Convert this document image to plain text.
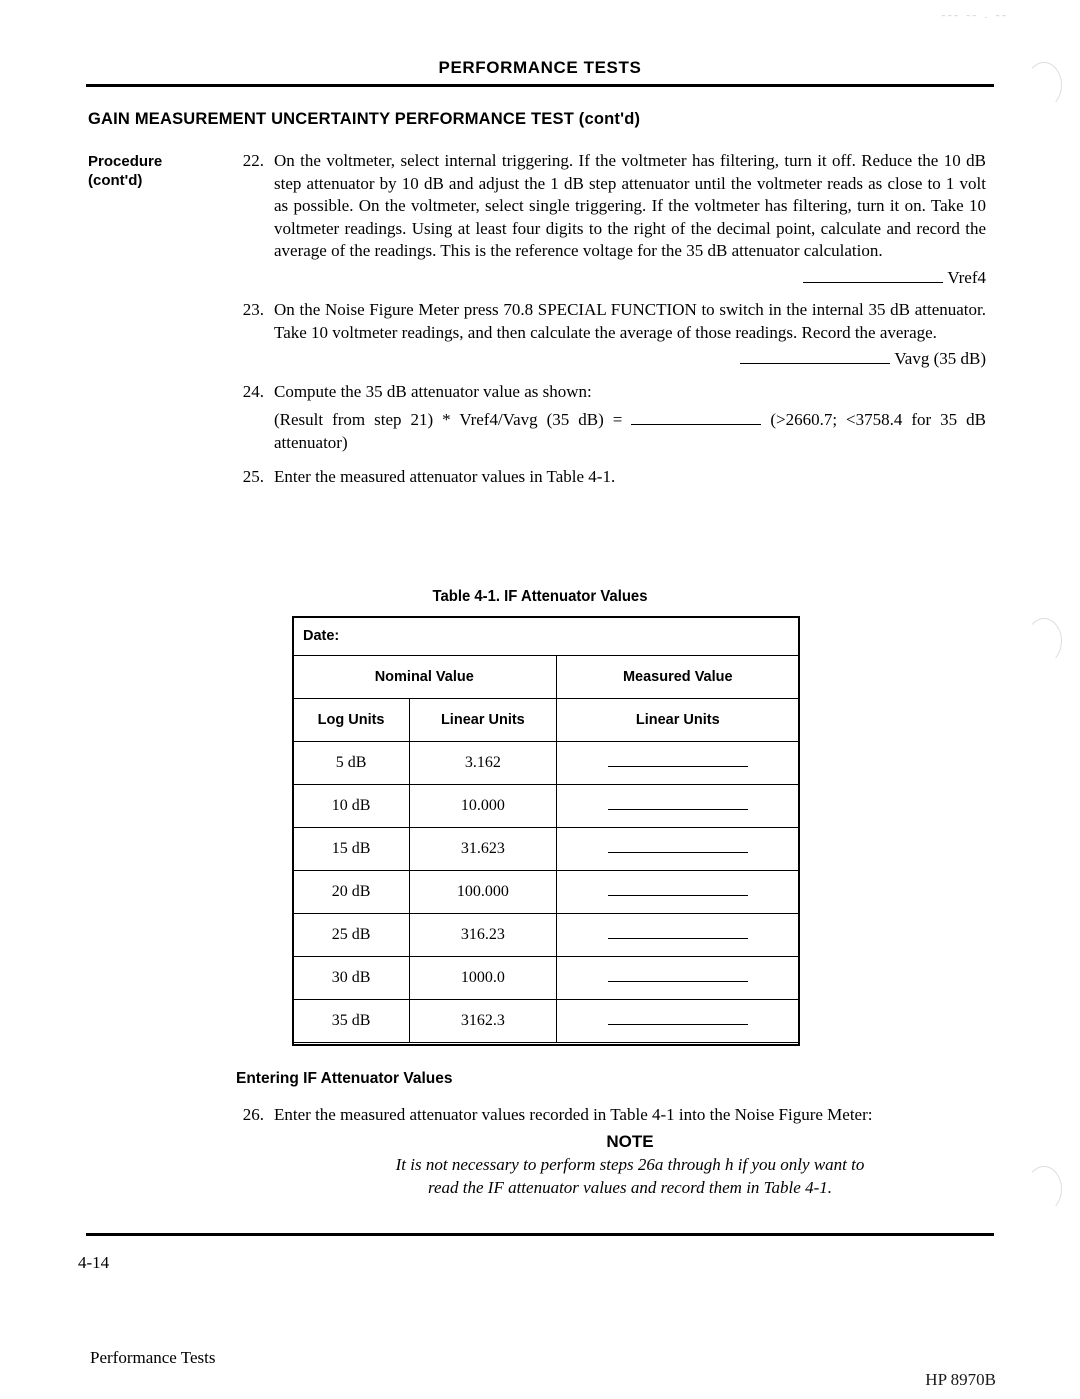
--- -- . --
PERFORMANCE TESTS
GAIN MEASUREMENT UNCERTAINTY PERFORMANCE TEST (cont'd)
Procedure
(cont'd)
22. On the voltmeter, select internal triggering. If the voltmeter has filtering, turn it off. Reduce the 10 dB step attenuator by 10 dB and adjust the 1 dB step attenuator until the voltmeter reads as close to 1 volt as possible. On the voltmeter, select single triggering. If the voltmeter has filtering, turn it on. Take 10 voltmeter readings. Using at least four digits to the right of the decimal point, calculate and record the average of the readings. This is the reference voltage for the 35 dB attenuator calculation.

Vref4
23. On the Noise Figure Meter press 70.8 SPECIAL FUNCTION to switch in the internal 35 dB attenuator. Take 10 voltmeter readings, and then calculate the average of those readings. Record the average.

Vavg (35 dB)
24. Compute the 35 dB attenuator value as shown:

(Result from step 21) * Vref4/Vavg (35 dB) =	(>2660.7; <3758.4 for 35 dB attenuator)

25. Enter the measured attenuator values in Table 4-1.

Table 4-1. IF Attenuator Values
Date:		
Nominal Value		Measured Value
Log Units	Linear Units	Linear Units
5 dB	3.162	
10 dB	10.000	
15 dB	31.623	
20 dB	100.000	
25 dB	316.23	
30 dB	1000.0	
35 dB	3162.3	
Entering IF Attenuator Values
26. Enter the measured attenuator values recorded in Table 4-1 into the Noise Figure Meter:

NOTE
It is not necessary to perform steps 26a through h if you only want to
read the IF attenuator values and record them in Table 4-1.
4-14
Performance Tests
HP 8970B
